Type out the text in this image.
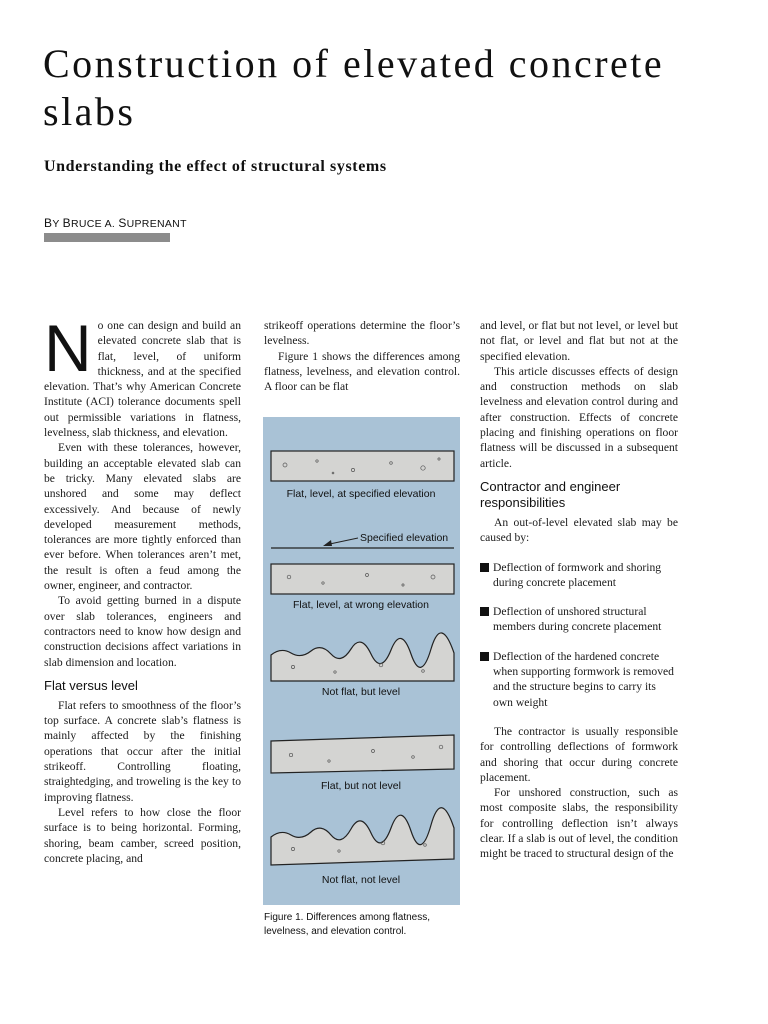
Construction of elevated concrete slabs
Understanding the effect of structural systems
BY BRUCE A. SUPRENANT

No one can design and build an elevated concrete slab that is flat, level, of uniform thickness, and at the specified elevation. That’s why American Concrete Institute (ACI) tolerance documents spell out permissible variations in flatness, levelness, slab thickness, and elevation.

Even with these tolerances, however, building an acceptable elevated slab can be tricky. Many elevated slabs are unshored and some may deflect excessively. And because of newly developed measurement methods, tolerances are more tightly enforced than ever before. When tolerances aren’t met, the result is often a feud among the owner, engineer, and contractor.

To avoid getting burned in a dispute over slab tolerances, engineers and contractors need to know how design and construction decisions affect variations in slab dimension and location.

Flat versus level

Flat refers to smoothness of the floor’s top surface. A concrete slab’s flatness is mainly affected by the finishing operations that occur after the initial strikeoff. Controlling floating, straightedging, and troweling is the key to improving flatness.

Level refers to how close the floor surface is to being horizontal. Forming, shoring, beam camber, screed position, concrete placing, and

strikeoff operations determine the floor’s levelness.

Figure 1 shows the differences among flatness, levelness, and elevation control. A floor can be flat

Flat, level, at specified elevation
Specified elevation
Flat, level, at wrong elevation
Not flat, but level
Flat, but not level
Not flat, not level
Figure 1. Differences among flatness, levelness, and elevation control.

and level, or flat but not level, or level but not flat, or level and flat but not at the specified elevation.

This article discusses effects of design and construction methods on slab levelness and elevation control during and after construction. Effects of concrete placing and finishing operations on floor flatness will be discussed in a subsequent article.

Contractor and engineer responsibilities

An out-of-level elevated slab may be caused by:

Deflection of formwork and shoring during concrete placement
Deflection of unshored structural members during concrete placement
Deflection of the hardened concrete when supporting formwork is removed and the structure begins to carry its own weight

The contractor is usually responsible for controlling deflections of formwork and shoring that occur during concrete placement.

For unshored construction, such as most composite slabs, the responsibility for controlling deflection isn’t always clear. If a slab is out of level, the condition might be traced to structural design of the
